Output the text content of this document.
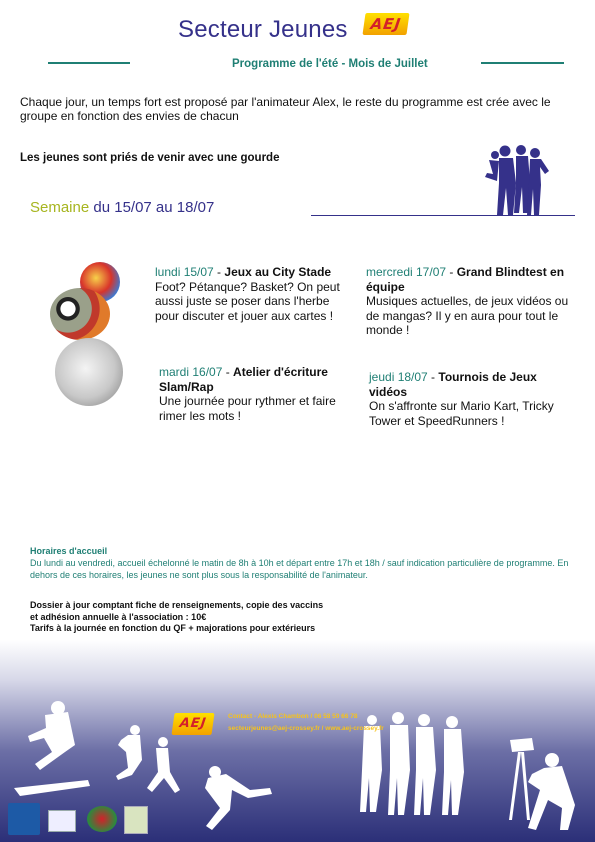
Secteur Jeunes	AEJ
Programme de l'été - Mois de Juillet
Chaque jour, un temps fort est proposé par l'animateur Alex, le reste du programme est crée avec le groupe en fonction des envies de chacun
Les jeunes sont priés de venir avec une gourde
Semaine du 15/07 au 18/07
lundi 15/07 - Jeux au City Stade
Foot? Pétanque? Basket? On peut aussi juste se poser dans l'herbe pour discuter et jouer aux cartes !
mardi 16/07 - Atelier d'écriture Slam/Rap
Une journée pour rythmer et faire rimer les mots !
mercredi 17/07 - Grand Blindtest en équipe
Musiques actuelles, de jeux vidéos ou de mangas? Il y en aura pour tout le monde !
jeudi 18/07 - Tournois de Jeux vidéos
On s'affronte sur Mario Kart, Tricky Tower et SpeedRunners !
Horaires d'accueil
Du lundi au vendredi, accueil échelonné le matin de 8h à 10h et départ entre 17h et 18h / sauf indication particulière de programme. En dehors de ces horaires, les jeunes ne sont plus sous la responsabilité de l'animateur.
Dossier à jour comptant fiche de renseignements, copie des vaccins
et adhésion annuelle à l'association : 10€
Tarifs à la journée en fonction du QF + majorations pour extérieurs
AEJ	Contact - Alexis Chambon / 06 58 50 66 78
secteurjeunes@aej-crossey.fr / www.aej-crossey.fr
